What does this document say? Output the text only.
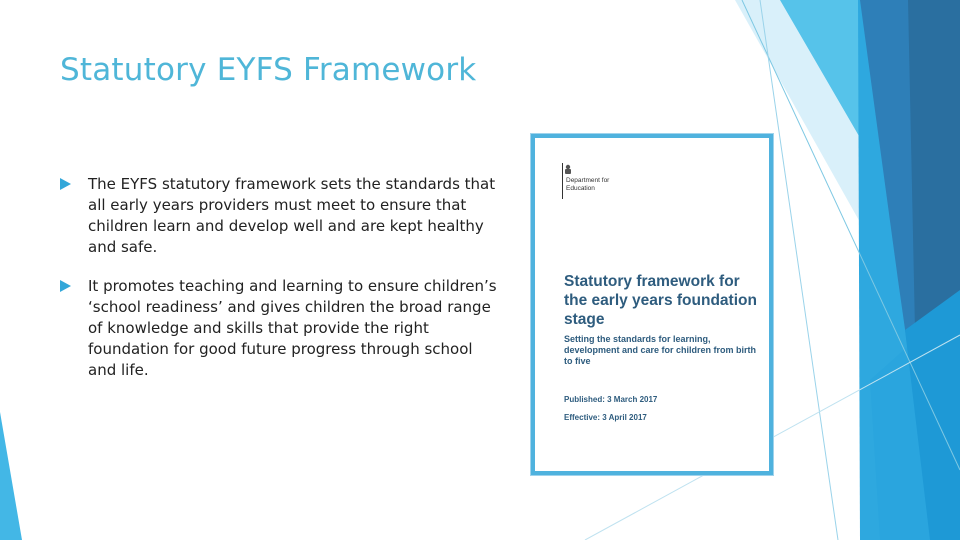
Statutory EYFS Framework
The EYFS statutory framework sets the standards that all early years providers must meet to ensure that children learn and develop well and are kept healthy and safe.
It promotes teaching and learning to ensure children’s ‘school readiness’ and gives children the broad range of knowledge and skills that provide the right foundation for good future progress through school and life.
Department for Education
Statutory framework for the early years foundation stage
Setting the standards for learning, development and care for children from birth to five
Published: 3 March 2017
Effective: 3 April 2017
